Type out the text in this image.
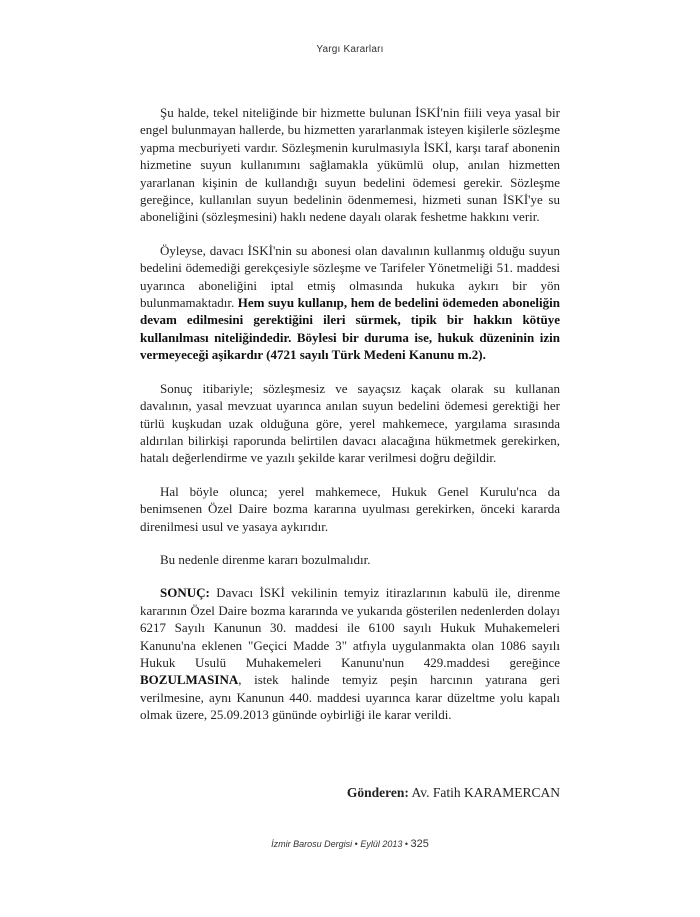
Yargı Kararları

Şu halde, tekel niteliğinde bir hizmette bulunan İSKİ'nin fiili veya yasal bir engel bulunmayan hallerde, bu hizmetten yararlanmak isteyen kişilerle sözleşme yapma mecburiyeti vardır. Sözleşmenin kurulmasıyla İSKİ, karşı taraf abonenin hizmetine suyun kullanımını sağlamakla yükümlü olup, anılan hizmetten yararlanan kişinin de kullandığı suyun bedelini ödemesi gerekir. Sözleşme gereğince, kullanılan suyun bedelinin ödenmemesi, hizmeti sunan İSKİ'ye su aboneliğini (sözleşmesini) haklı nedene dayalı olarak feshetme hakkını verir.

Öyleyse, davacı İSKİ'nin su abonesi olan davalının kullanmış olduğu suyun bedelini ödemediği gerekçesiyle sözleşme ve Tarifeler Yönetmeliği 51. maddesi uyarınca aboneliğini iptal etmiş olmasında hukuka aykırı bir yön bulunmamaktadır. Hem suyu kullanıp, hem de bedelini ödemeden aboneliğin devam edilmesini gerektiğini ileri sürmek, tipik bir hakkın kötüye kullanılması niteliğindedir. Böylesi bir duruma ise, hukuk düzeninin izin vermeyeceği aşikardır (4721 sayılı Türk Medeni Kanunu m.2).

Sonuç itibariyle; sözleşmesiz ve sayaçsız kaçak olarak su kullanan davalının, yasal mevzuat uyarınca anılan suyun bedelini ödemesi gerektiği her türlü kuşkudan uzak olduğuna göre, yerel mahkemece, yargılama sırasında aldırılan bilirkişi raporunda belirtilen davacı alacağına hükmetmek gerekirken, hatalı değerlendirme ve yazılı şekilde karar verilmesi doğru değildir.

Hal böyle olunca; yerel mahkemece, Hukuk Genel Kurulu'nca da benimsenen Özel Daire bozma kararına uyulması gerekirken, önceki kararda direnilmesi usul ve yasaya aykırıdır.

Bu nedenle direnme kararı bozulmalıdır.

SONUÇ: Davacı İSKİ vekilinin temyiz itirazlarının kabulü ile, direnme kararının Özel Daire bozma kararında ve yukarıda gösterilen nedenlerden dolayı 6217 Sayılı Kanunun 30. maddesi ile 6100 sayılı Hukuk Muhakemeleri Kanunu'na eklenen "Geçici Madde 3" atfıyla uygulanmakta olan 1086 sayılı Hukuk Usulü Muhakemeleri Kanunu'nun 429.maddesi gereğince BOZULMASINA, istek halinde temyiz peşin harcının yatırana geri verilmesine, aynı Kanunun 440. maddesi uyarınca karar düzeltme yolu kapalı olmak üzere, 25.09.2013 gününde oybirliği ile karar verildi.

Gönderen: Av. Fatih KARAMERCAN
İzmir Barosu Dergisi • Eylül 2013 • 325
